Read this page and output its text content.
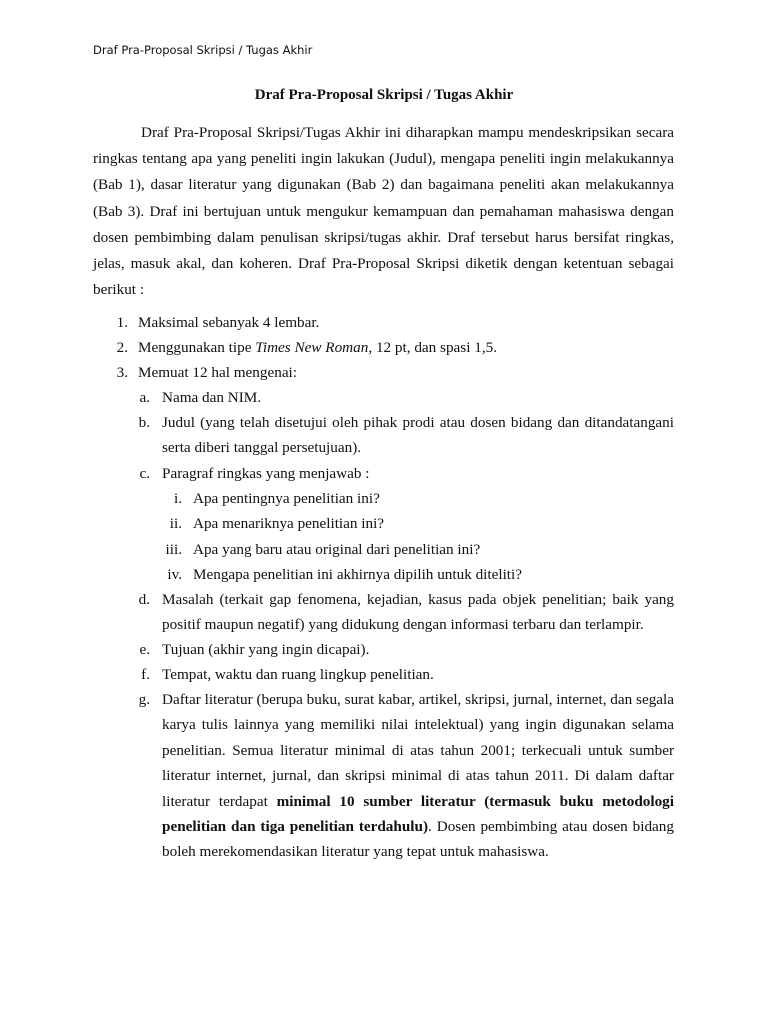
Draf Pra-Proposal Skripsi / Tugas Akhir
Draf Pra-Proposal Skripsi / Tugas Akhir

Draf Pra-Proposal Skripsi/Tugas Akhir ini diharapkan mampu mendeskripsikan secara ringkas tentang apa yang peneliti ingin lakukan (Judul), mengapa peneliti ingin melakukannya (Bab 1), dasar literatur yang digunakan (Bab 2) dan bagaimana peneliti akan melakukannya (Bab 3). Draf ini bertujuan untuk mengukur kemampuan dan pemahaman mahasiswa dengan dosen pembimbing dalam penulisan skripsi/tugas akhir. Draf tersebut harus bersifat ringkas, jelas, masuk akal, dan koheren. Draf Pra-Proposal Skripsi diketik dengan ketentuan sebagai berikut :

1. Maksimal sebanyak 4 lembar.

2. Menggunakan tipe Times New Roman, 12 pt, dan spasi 1,5.

3. Memuat 12 hal mengenai:

a. Nama dan NIM.

b. Judul (yang telah disetujui oleh pihak prodi atau dosen bidang dan ditandatangani serta diberi tanggal persetujuan).

c. Paragraf ringkas yang menjawab :

i. Apa pentingnya penelitian ini?

ii. Apa menariknya penelitian ini?

iii. Apa yang baru atau original dari penelitian ini?

iv. Mengapa penelitian ini akhirnya dipilih untuk diteliti?

d. Masalah (terkait gap fenomena, kejadian, kasus pada objek penelitian; baik yang positif maupun negatif) yang didukung dengan informasi terbaru dan terlampir.

e. Tujuan (akhir yang ingin dicapai).

f. Tempat, waktu dan ruang lingkup penelitian.

g. Daftar literatur (berupa buku, surat kabar, artikel, skripsi, jurnal, internet, dan segala karya tulis lainnya yang memiliki nilai intelektual) yang ingin digunakan selama penelitian. Semua literatur minimal di atas tahun 2001; terkecuali untuk sumber literatur internet, jurnal, dan skripsi minimal di atas tahun 2011. Di dalam daftar literatur terdapat minimal 10 sumber literatur (termasuk buku metodologi penelitian dan tiga penelitian terdahulu). Dosen pembimbing atau dosen bidang boleh merekomendasikan literatur yang tepat untuk mahasiswa.
